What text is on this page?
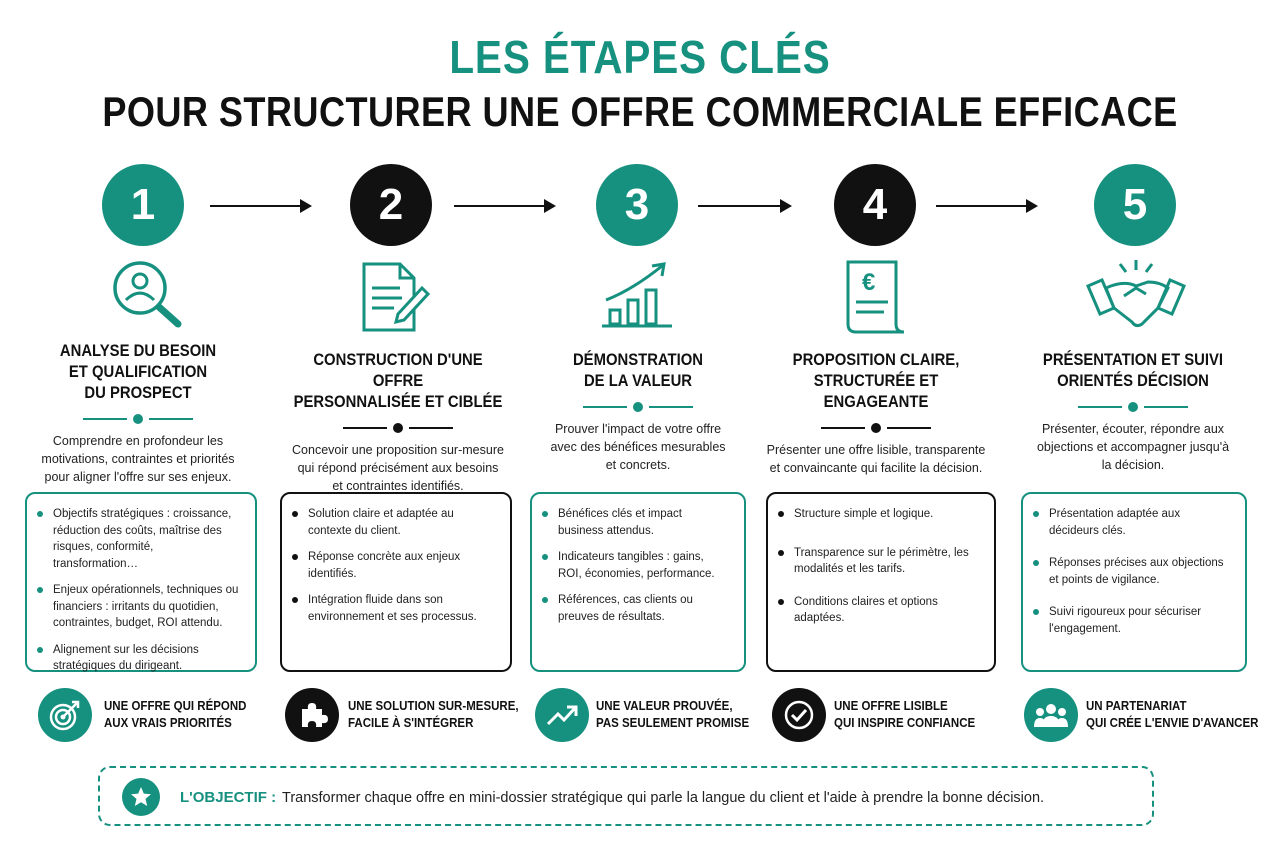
LES ÉTAPES CLÉS
POUR STRUCTURER UNE OFFRE COMMERCIALE EFFICACE
1	2	3	4	5
€
ANALYSE DU BESOIN
ET QUALIFICATION
DU PROSPECT
Comprendre en profondeur les
motivations, contraintes et priorités
pour aligner l'offre sur ses enjeux.
CONSTRUCTION D'UNE OFFRE
PERSONNALISÉE ET CIBLÉE
Concevoir une proposition sur-mesure
qui répond précisément aux besoins
et contraintes identifiés.
DÉMONSTRATION
DE LA VALEUR
Prouver l'impact de votre offre
avec des bénéfices mesurables
et concrets.
PROPOSITION CLAIRE,
STRUCTURÉE ET ENGAGEANTE
Présenter une offre lisible, transparente
et convaincante qui facilite la décision.
PRÉSENTATION ET SUIVI
ORIENTÉS DÉCISION
Présenter, écouter, répondre aux
objections et accompagner jusqu'à
la décision.
Objectifs stratégiques : croissance, réduction des coûts, maîtrise des risques, conformité, transformation…
Enjeux opérationnels, techniques ou financiers : irritants du quotidien, contraintes, budget, ROI attendu.
Alignement sur les décisions stratégiques du dirigeant.
Solution claire et adaptée au contexte du client.
Réponse concrète aux enjeux identifiés.
Intégration fluide dans son environnement et ses processus.
Bénéfices clés et impact business attendus.
Indicateurs tangibles : gains, ROI, économies, performance.
Références, cas clients ou preuves de résultats.
Structure simple et logique.
Transparence sur le périmètre, les modalités et les tarifs.
Conditions claires et options adaptées.
Présentation adaptée aux décideurs clés.
Réponses précises aux objections et points de vigilance.
Suivi rigoureux pour sécuriser l'engagement.
UNE OFFRE QUI RÉPOND
AUX VRAIS PRIORITÉS
UNE SOLUTION SUR-MESURE,
FACILE À S'INTÉGRER
UNE VALEUR PROUVÉE,
PAS SEULEMENT PROMISE
UNE OFFRE LISIBLE
QUI INSPIRE CONFIANCE
UN PARTENARIAT
QUI CRÉE L'ENVIE D'AVANCER
L'OBJECTIF : Transformer chaque offre en mini-dossier stratégique qui parle la langue du client et l'aide à prendre la bonne décision.
